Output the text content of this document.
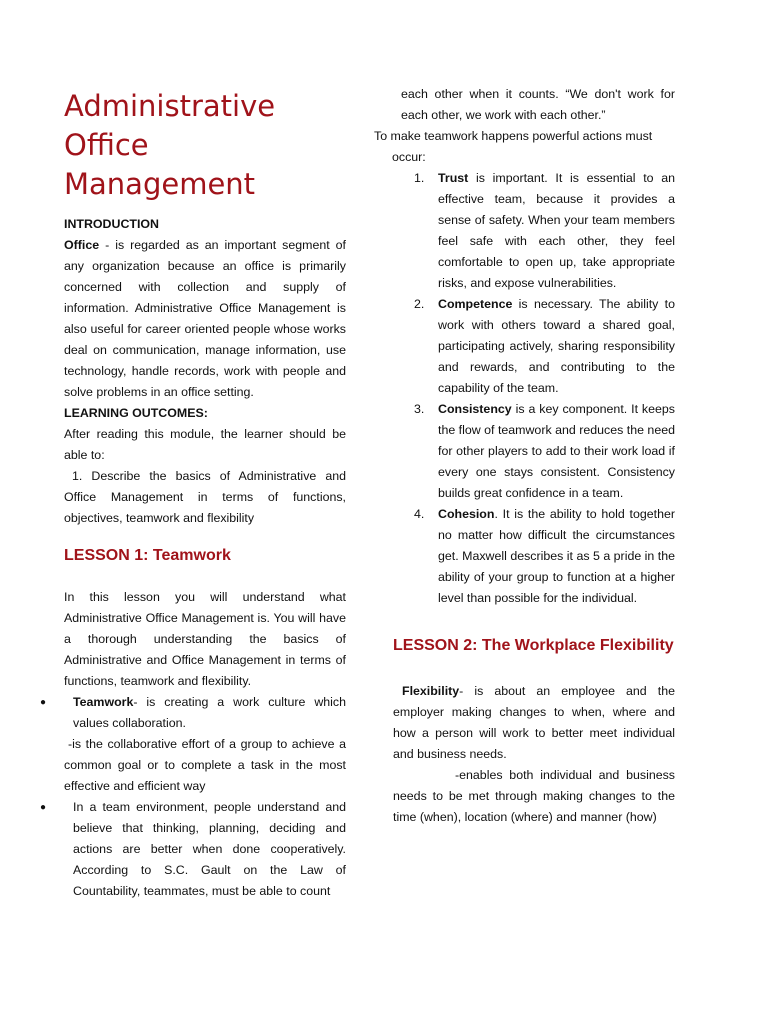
Administrative
Office
Management
INTRODUCTION
Office - is regarded as an important segment of any organization because an office is primarily concerned with collection and supply of information. Administrative Office Management is also useful for career oriented people whose works deal on communication, manage information, use technology, handle records, work with people and solve problems in an office setting.
LEARNING OUTCOMES:
After reading this module, the learner should be able to:
1. Describe the basics of Administrative and Office Management in terms of functions, objectives, teamwork and flexibility
LESSON 1: Teamwork
In this lesson you will understand what Administrative Office Management is. You will have a thorough understanding the basics of Administrative and Office Management in terms of functions, teamwork and flexibility.
● Teamwork- is creating a work culture which values collaboration.
-is the collaborative effort of a group to achieve a common goal or to complete a task in the most effective and efficient way
● In a team environment, people understand and believe that thinking, planning, deciding and actions are better when done cooperatively. According to S.C. Gault on the Law of Countability, teammates, must be able to count
each other when it counts. “We don't work for each other, we work with each other.”
To make teamwork happens powerful actions must
occur:
1. Trust is important. It is essential to an effective team, because it provides a sense of safety. When your team members feel safe with each other, they feel comfortable to open up, take appropriate risks, and expose vulnerabilities.
2. Competence is necessary. The ability to work with others toward a shared goal, participating actively, sharing responsibility and rewards, and contributing to the capability of the team.
3. Consistency is a key component. It keeps the flow of teamwork and reduces the need for other players to add to their work load if every one stays consistent. Consistency builds great confidence in a team.
4. Cohesion. It is the ability to hold together no matter how difficult the circumstances get. Maxwell describes it as 5 a pride in the ability of your group to function at a higher level than possible for the individual.
LESSON 2: The Workplace Flexibility
Flexibility- is about an employee and the employer making changes to when, where and how a person will work to better meet individual and business needs.
-enables both individual and business needs to be met through making changes to the time (when), location (where) and manner (how)
